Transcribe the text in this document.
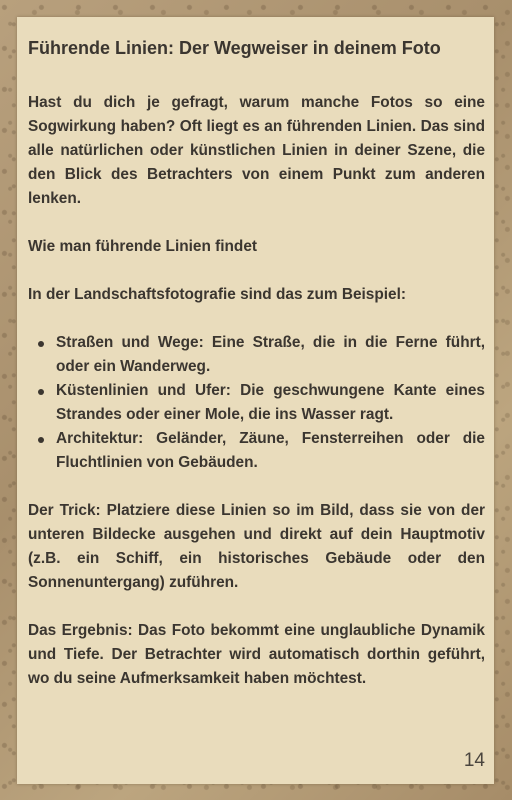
Führende Linien: Der Wegweiser in deinem Foto

Hast du dich je gefragt, warum manche Fotos so eine Sogwirkung haben? Oft liegt es an führenden Linien. Das sind alle natürlichen oder künstlichen Linien in deiner Szene, die den Blick des Betrachters von einem Punkt zum anderen lenken.

Wie man führende Linien findet

In der Landschaftsfotografie sind das zum Beispiel:

Straßen und Wege: Eine Straße, die in die Ferne führt, oder ein Wanderweg.
Küstenlinien und Ufer: Die geschwungene Kante eines Strandes oder einer Mole, die ins Wasser ragt.
Architektur: Geländer, Zäune, Fensterreihen oder die Fluchtlinien von Gebäuden.

Der Trick: Platziere diese Linien so im Bild, dass sie von der unteren Bildecke ausgehen und direkt auf dein Hauptmotiv (z.B. ein Schiff, ein historisches Gebäude oder den Sonnenuntergang) zuführen.

Das Ergebnis: Das Foto bekommt eine unglaubliche Dynamik und Tiefe. Der Betrachter wird automatisch dorthin geführt, wo du seine Aufmerksamkeit haben möchtest.

14
